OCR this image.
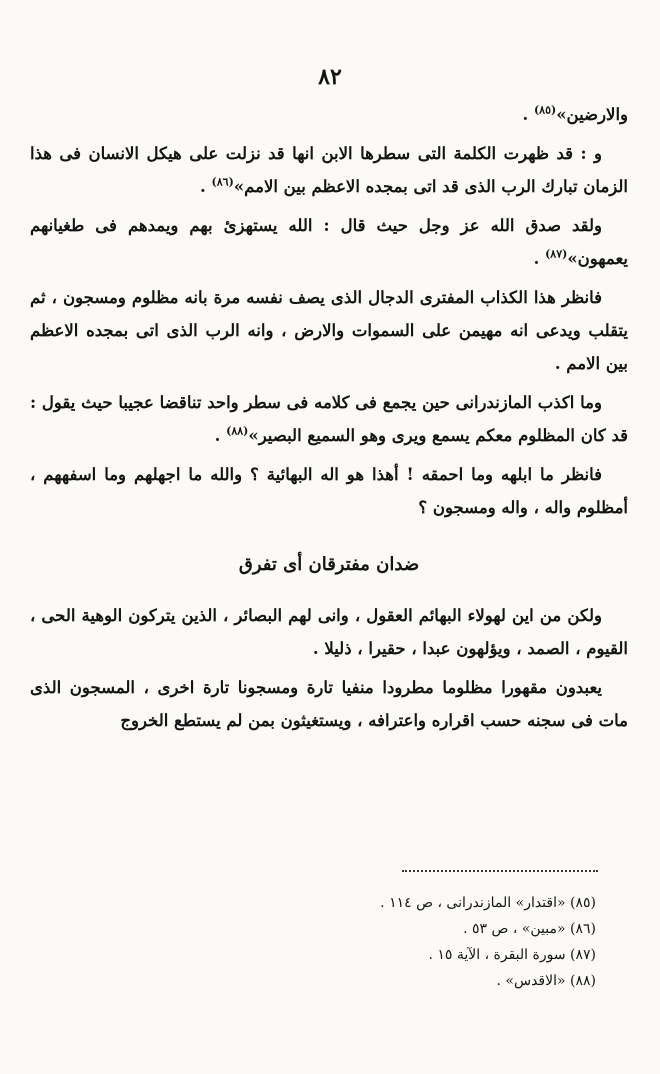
٨٢

والارضين»$^{(٨٥)}$ .

و : قد ظهرت الكلمة التى سطرها الابن انها قد نزلت على هيكل الانسان فى هذا الزمان تبارك الرب الذى قد اتى بمجده الاعظم بين الامم»$^{(٨٦)}$ .

ولقد صدق الله عز وجل حيث قال : الله يستهزئ بهم ويمدهم فى طغيانهم يعمهون»$^{(٨٧)}$ .

فانظر هذا الكذاب المفترى الدجال الذى يصف نفسه مرة بانه مظلوم ومسجون ، ثم يتقلب ويدعى انه مهيمن على السموات والارض ، وانه الرب الذى اتى بمجده الاعظم بين الامم .

وما اكذب المازندرانى حين يجمع فى كلامه فى سطر واحد تناقضا عجيبا حيث يقول : قد كان المظلوم معكم يسمع ويرى وهو السميع البصير»$^{(٨٨)}$ .

فانظر ما ابلهه وما احمقه ! أهذا هو اله البهائية ؟ والله ما اجهلهم وما اسفههم ، أمظلوم واله ، واله ومسجون ؟

ضدان مفترقان أى تفرق

ولكن من اين لهولاء البهائم العقول ، وانى لهم البصائر ، الذين يتركون الوهية الحى ، القيوم ، الصمد ، ويؤلهون عبدا ، حقيرا ، ذليلا .

يعبدون مقهورا مظلوما مطرودا منفيا تارة ومسجونا تارة اخرى ، المسجون الذى مات فى سجنه حسب اقراره واعترافه ، ويستغيثون بمن لم يستطع الخروج

(٨٥) «اقتدار» المازندرانى ، ص ١١٤ .
(٨٦) «مبين» ، ص ٥٣ .
(٨٧) سورة البقرة ، الآية ١٥ .
(٨٨) «الاقدس» .
